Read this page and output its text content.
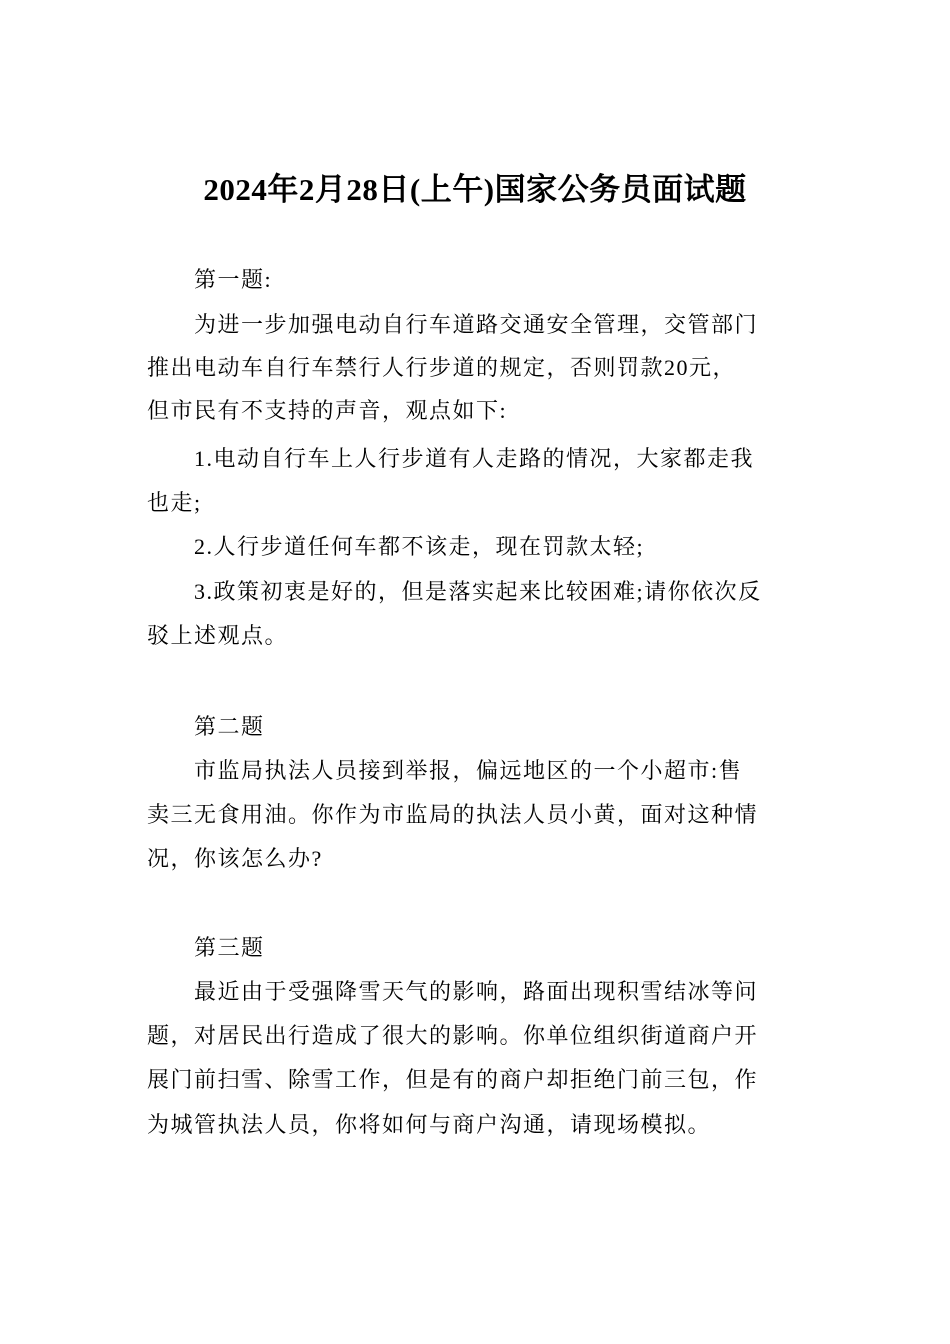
2024年2月28日(上午)国家公务员面试题
第一题:
为进一步加强电动自行车道路交通安全管理，交管部门
推出电动车自行车禁行人行步道的规定，否则罚款20元，
但市民有不支持的声音，观点如下:
1.电动自行车上人行步道有人走路的情况，大家都走我
也走;
2.人行步道任何车都不该走，现在罚款太轻;
3.政策初衷是好的，但是落实起来比较困难;请你依次反
驳上述观点。
第二题
市监局执法人员接到举报，偏远地区的一个小超市:售
卖三无食用油。你作为市监局的执法人员小黄，面对这种情
况，你该怎么办?
第三题
最近由于受强降雪天气的影响，路面出现积雪结冰等问
题，对居民出行造成了很大的影响。你单位组织街道商户开
展门前扫雪、除雪工作，但是有的商户却拒绝门前三包，作
为城管执法人员，你将如何与商户沟通，请现场模拟。
